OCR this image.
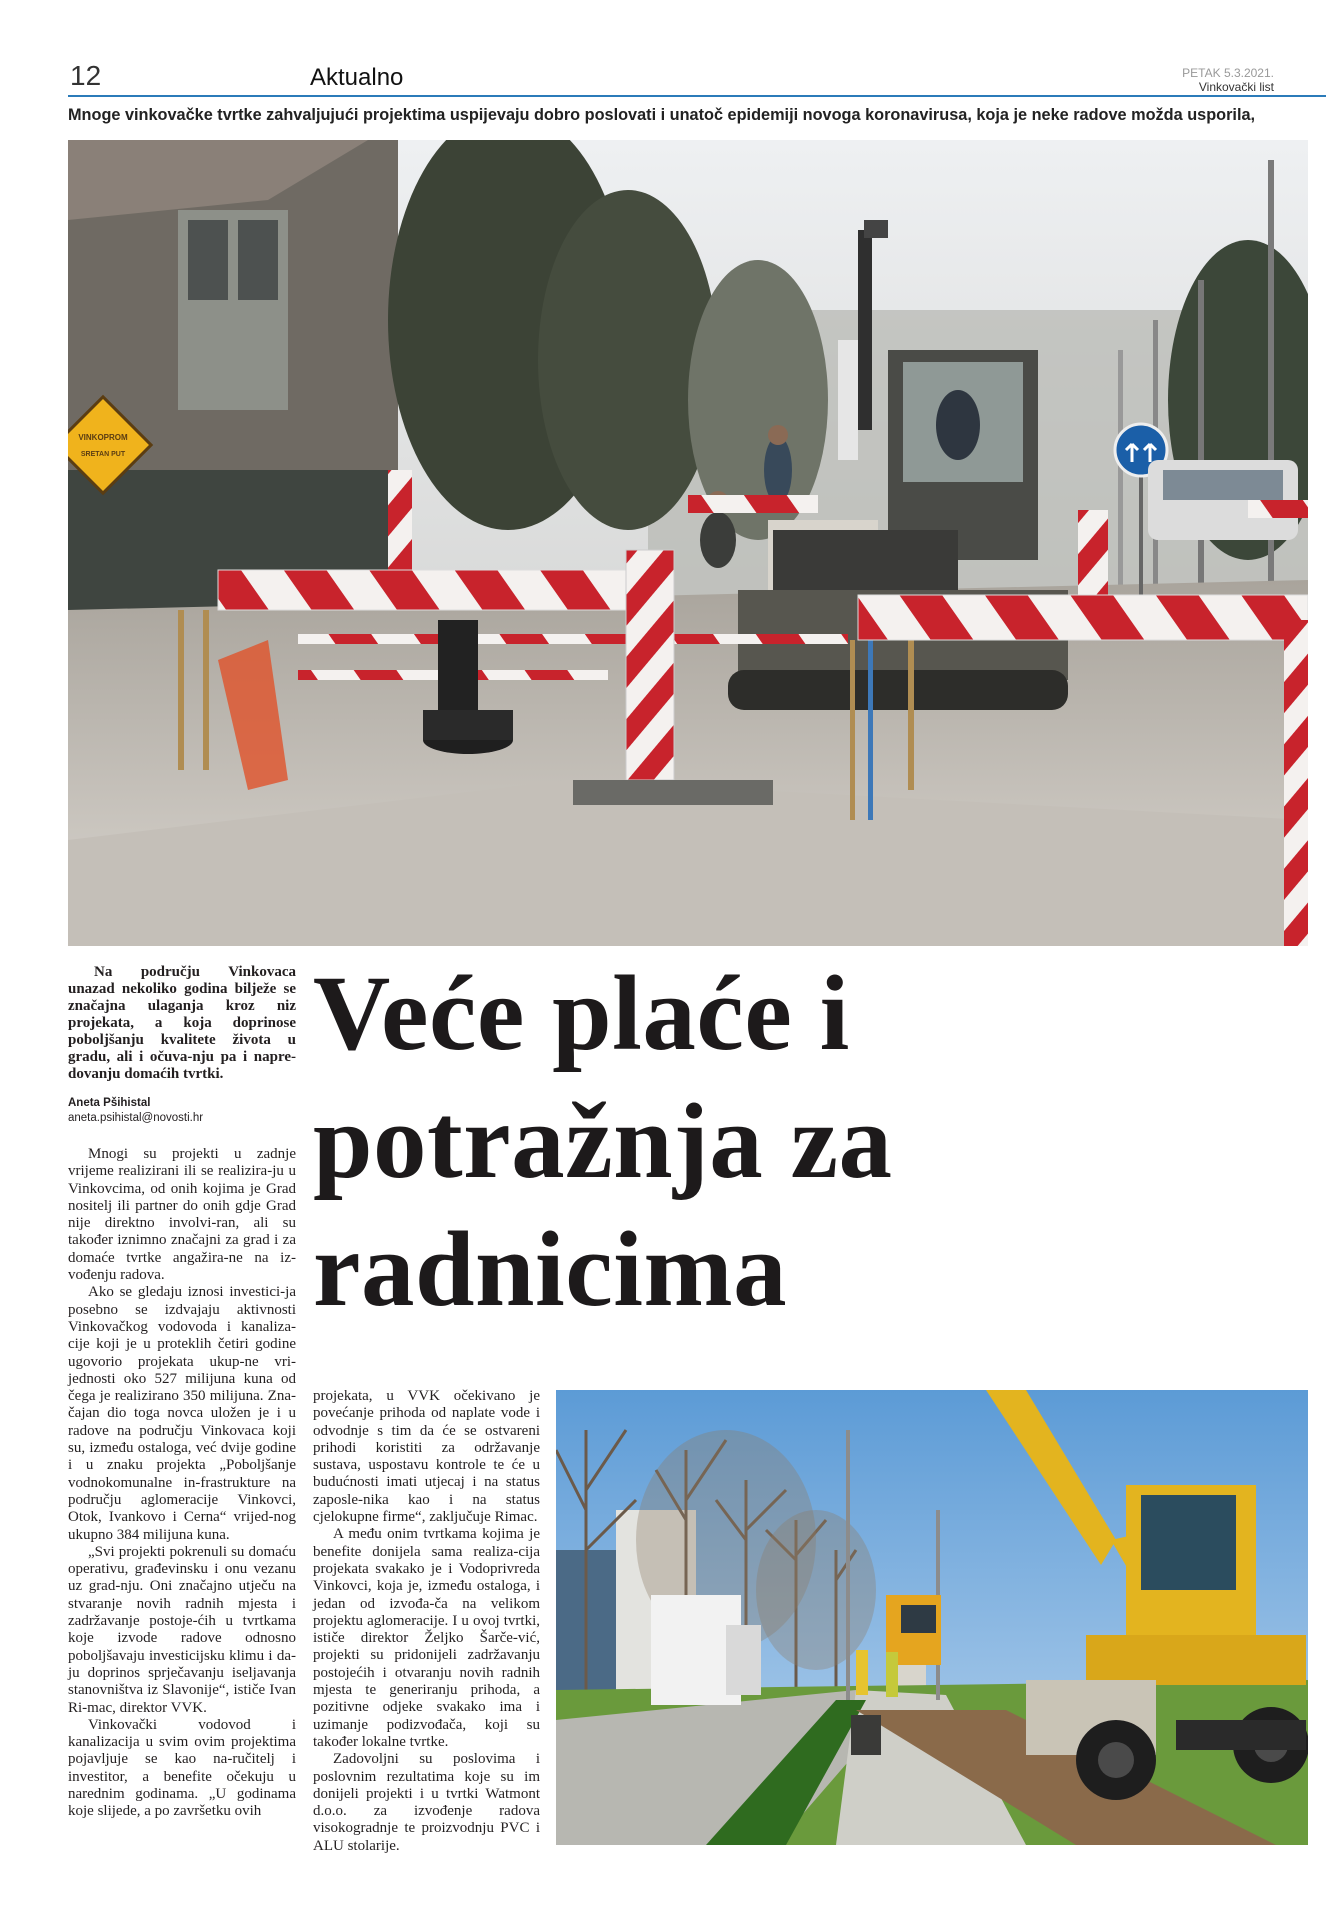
12	Aktualno	PETAK 5.3.2021.
Vinkovački list
Mnoge vinkovačke tvrtke zahvaljujući projektima uspijevaju dobro poslovati i unatoč epidemiji novoga koronavirusa, koja je neke radove možda usporila,
VINKOPROM
SRETAN PUT
Na području Vinkovaca unazad nekoliko godina bilježe se značajna ulaganja kroz niz projekata, a koja doprinose poboljšanju kvalitete života u gradu, ali i očuva-nju pa i napre-dovanju domaćih tvrtki.
Aneta Pšihistal
aneta.psihistal@novosti.hr
Veće plaće i
potražnja za
radnicima

Mnogi su projekti u zadnje vrijeme realizirani ili se realizira-ju u Vinkovcima, od onih kojima je Grad nositelj ili partner do onih gdje Grad nije direktno involvi-ran, ali su također iznimno značajni za grad i za domaće tvrtke angažira-ne na iz-vođenju radova.

Ako se gledaju iznosi investici-ja posebno se izdvajaju aktivnosti Vinkovačkog vodovoda i kanaliza-cije koji je u proteklih četiri godine ugovorio projekata ukup-ne vri-jednosti oko 527 milijuna kuna od čega je realizirano 350 milijuna. Zna-čajan dio toga novca uložen je i u radove na području Vinkovaca koji su, između ostaloga, već dvije godine i u znaku projekta „Poboljšanje vodnokomunalne in-frastrukture na području aglomeracije Vinkovci, Otok, Ivankovo i Cerna“ vrijed-nog ukupno 384 milijuna kuna.

„Svi projekti pokrenuli su domaću operativu, građevinsku i onu vezanu uz grad-nju. Oni značajno utječu na stvaranje novih radnih mjesta i zadržavanje postoje-ćih u tvrtkama koje izvode radove odnosno poboljšavaju investicijsku klimu i da-ju doprinos sprječavanju iseljavanja stanovništva iz Slavonije“, ističe Ivan Ri-mac, direktor VVK.

Vinkovački vodovod i kanalizacija u svim ovim projektima pojavljuje se kao na-ručitelj i investitor, a benefite očekuju u narednim godinama. „U godinama koje slijede, a po završetku ovih

projekata, u VVK očekivano je povećanje prihoda od naplate vode i odvodnje s tim da će se ostvareni prihodi koristiti za održavanje sustava, uspostavu kontrole te će u budućnosti imati utjecaj i na status zaposle-nika kao i na status cjelokupne firme“, zaključuje Rimac.

A među onim tvrtkama kojima je benefite donijela sama realiza-cija projekata svakako je i Vodoprivreda Vinkovci, koja je, između ostaloga, i jedan od izvođa-ča na velikom projektu aglomeracije. I u ovoj tvrtki, ističe direktor Željko Šarče-vić, projekti su pridonijeli zadržavanju postojećih i otvaranju novih radnih mjesta te generiranju prihoda, a pozitivne odjeke svakako ima i uzimanje podizvođača, koji su također lokalne tvrtke.

Zadovoljni su poslovima i poslovnim rezultatima koje su im donijeli projekti i u tvrtki Watmont d.o.o. za izvođenje radova visokogradnje te proizvodnju PVC i ALU stolarije.
